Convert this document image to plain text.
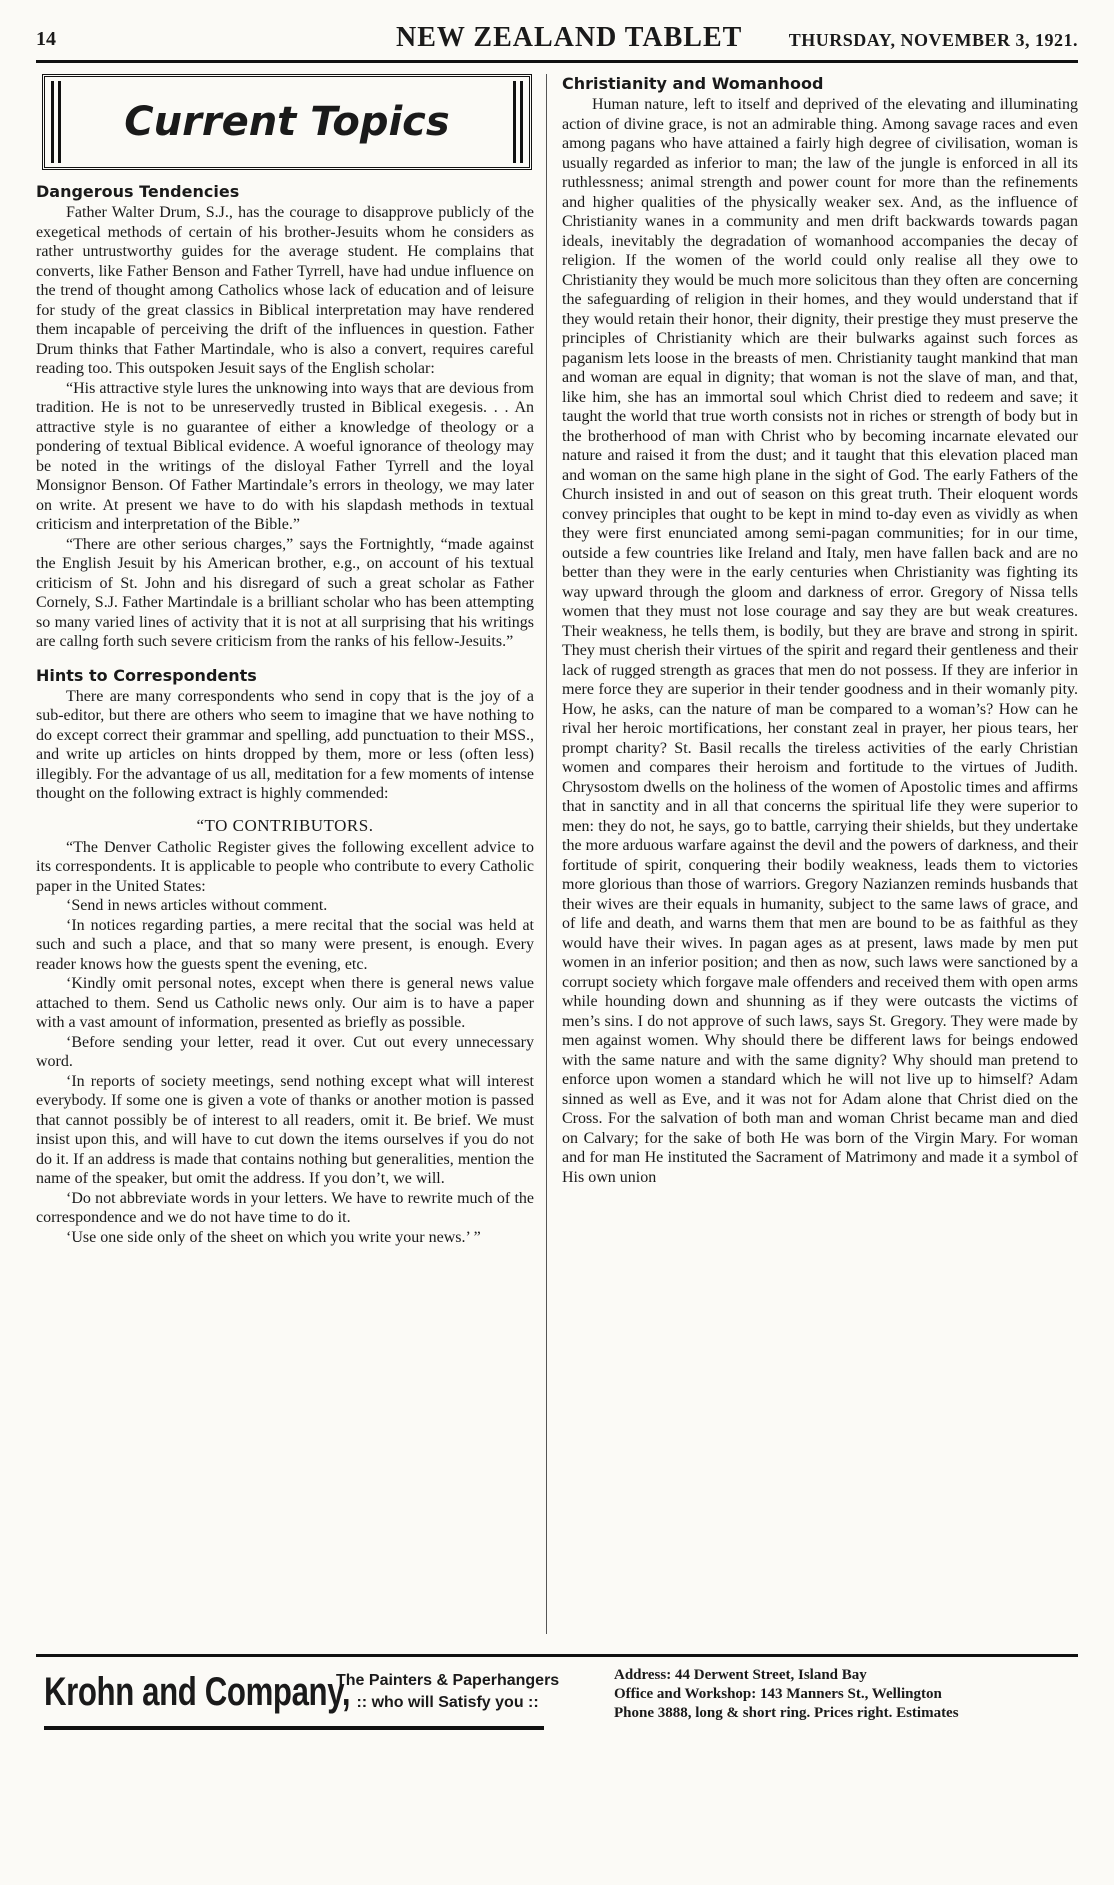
14	NEW ZEALAND TABLET	THURSDAY, NOVEMBER 3, 1921.
Current Topics
Dangerous Tendencies

Father Walter Drum, S.J., has the courage to disapprove publicly of the exegetical methods of certain of his brother-Jesuits whom he considers as rather untrustworthy guides for the average student. He complains that converts, like Father Benson and Father Tyrrell, have had undue influence on the trend of thought among Catholics whose lack of education and of leisure for study of the great classics in Biblical interpretation may have rendered them incapable of perceiving the drift of the influences in question. Father Drum thinks that Father Martindale, who is also a convert, requires careful reading too. This outspoken Jesuit says of the English scholar:

“His attractive style lures the unknowing into ways that are devious from tradition. He is not to be unreservedly trusted in Biblical exegesis. . . An attractive style is no guarantee of either a knowledge of theology or a pondering of textual Biblical evidence. A woeful ignorance of theology may be noted in the writings of the disloyal Father Tyrrell and the loyal Monsignor Benson. Of Father Martindale’s errors in theology, we may later on write. At present we have to do with his slapdash methods in textual criticism and interpretation of the Bible.”

“There are other serious charges,” says the Fortnightly, “made against the English Jesuit by his American brother, e.g., on account of his textual criticism of St. John and his disregard of such a great scholar as Father Cornely, S.J. Father Martindale is a brilliant scholar who has been attempting so many varied lines of activity that it is not at all surprising that his writings are callng forth such severe criticism from the ranks of his fellow-Jesuits.”

Hints to Correspondents

There are many correspondents who send in copy that is the joy of a sub-editor, but there are others who seem to imagine that we have nothing to do except correct their grammar and spelling, add punctuation to their MSS., and write up articles on hints dropped by them, more or less (often less) illegibly. For the advantage of us all, meditation for a few moments of intense thought on the following extract is highly commended:

“TO CONTRIBUTORS.

“The Denver Catholic Register gives the following excellent advice to its correspondents. It is applicable to people who contribute to every Catholic paper in the United States:

‘Send in news articles without comment.

‘In notices regarding parties, a mere recital that the social was held at such and such a place, and that so many were present, is enough. Every reader knows how the guests spent the evening, etc.

‘Kindly omit personal notes, except when there is general news value attached to them. Send us Catholic news only. Our aim is to have a paper with a vast amount of information, presented as briefly as possible.

‘Before sending your letter, read it over. Cut out every unnecessary word.

‘In reports of society meetings, send nothing except what will interest everybody. If some one is given a vote of thanks or another motion is passed that cannot possibly be of interest to all readers, omit it. Be brief. We must insist upon this, and will have to cut down the items ourselves if you do not do it. If an address is made that contains nothing but generalities, mention the name of the speaker, but omit the address. If you don’t, we will.

‘Do not abbreviate words in your letters. We have to rewrite much of the correspondence and we do not have time to do it.

‘Use one side only of the sheet on which you write your news.’ ”

Christianity and Womanhood

Human nature, left to itself and deprived of the elevating and illuminating action of divine grace, is not an admirable thing. Among savage races and even among pagans who have attained a fairly high degree of civilisation, woman is usually regarded as inferior to man; the law of the jungle is enforced in all its ruthlessness; animal strength and power count for more than the refinements and higher qualities of the physically weaker sex. And, as the influence of Christianity wanes in a community and men drift backwards towards pagan ideals, inevitably the degradation of womanhood accompanies the decay of religion. If the women of the world could only realise all they owe to Christianity they would be much more solicitous than they often are concerning the safeguarding of religion in their homes, and they would understand that if they would retain their honor, their dignity, their prestige they must preserve the principles of Christianity which are their bulwarks against such forces as paganism lets loose in the breasts of men. Christianity taught mankind that man and woman are equal in dignity; that woman is not the slave of man, and that, like him, she has an immortal soul which Christ died to redeem and save; it taught the world that true worth consists not in riches or strength of body but in the brotherhood of man with Christ who by becoming incarnate elevated our nature and raised it from the dust; and it taught that this elevation placed man and woman on the same high plane in the sight of God. The early Fathers of the Church insisted in and out of season on this great truth. Their eloquent words convey principles that ought to be kept in mind to-day even as vividly as when they were first enunciated among semi-pagan communities; for in our time, outside a few countries like Ireland and Italy, men have fallen back and are no better than they were in the early centuries when Christianity was fighting its way upward through the gloom and darkness of error. Gregory of Nissa tells women that they must not lose courage and say they are but weak creatures. Their weakness, he tells them, is bodily, but they are brave and strong in spirit. They must cherish their virtues of the spirit and regard their gentleness and their lack of rugged strength as graces that men do not possess. If they are inferior in mere force they are superior in their tender goodness and in their womanly pity. How, he asks, can the nature of man be compared to a woman’s? How can he rival her heroic mortifications, her constant zeal in prayer, her pious tears, her prompt charity? St. Basil recalls the tireless activities of the early Christian women and compares their heroism and fortitude to the virtues of Judith. Chrysostom dwells on the holiness of the women of Apostolic times and affirms that in sanctity and in all that concerns the spiritual life they were superior to men: they do not, he says, go to battle, carrying their shields, but they undertake the more arduous warfare against the devil and the powers of darkness, and their fortitude of spirit, conquering their bodily weakness, leads them to victories more glorious than those of warriors. Gregory Nazianzen reminds husbands that their wives are their equals in humanity, subject to the same laws of grace, and of life and death, and warns them that men are bound to be as faithful as they would have their wives. In pagan ages as at present, laws made by men put women in an inferior position; and then as now, such laws were sanctioned by a corrupt society which forgave male offenders and received them with open arms while hounding down and shunning as if they were outcasts the victims of men’s sins. I do not approve of such laws, says St. Gregory. They were made by men against women. Why should there be different laws for beings endowed with the same nature and with the same dignity? Why should man pretend to enforce upon women a standard which he will not live up to himself? Adam sinned as well as Eve, and it was not for Adam alone that Christ died on the Cross. For the salvation of both man and woman Christ became man and died on Calvary; for the sake of both He was born of the Virgin Mary. For woman and for man He instituted the Sacrament of Matrimony and made it a symbol of His own union

Krohn and Company,
The Painters & Paperhangers
:: who will Satisfy you ::
Address: 44 Derwent Street, Island Bay
Office and Workshop: 143 Manners St., Wellington
Phone 3888, long & short ring. Prices right. Estimates
